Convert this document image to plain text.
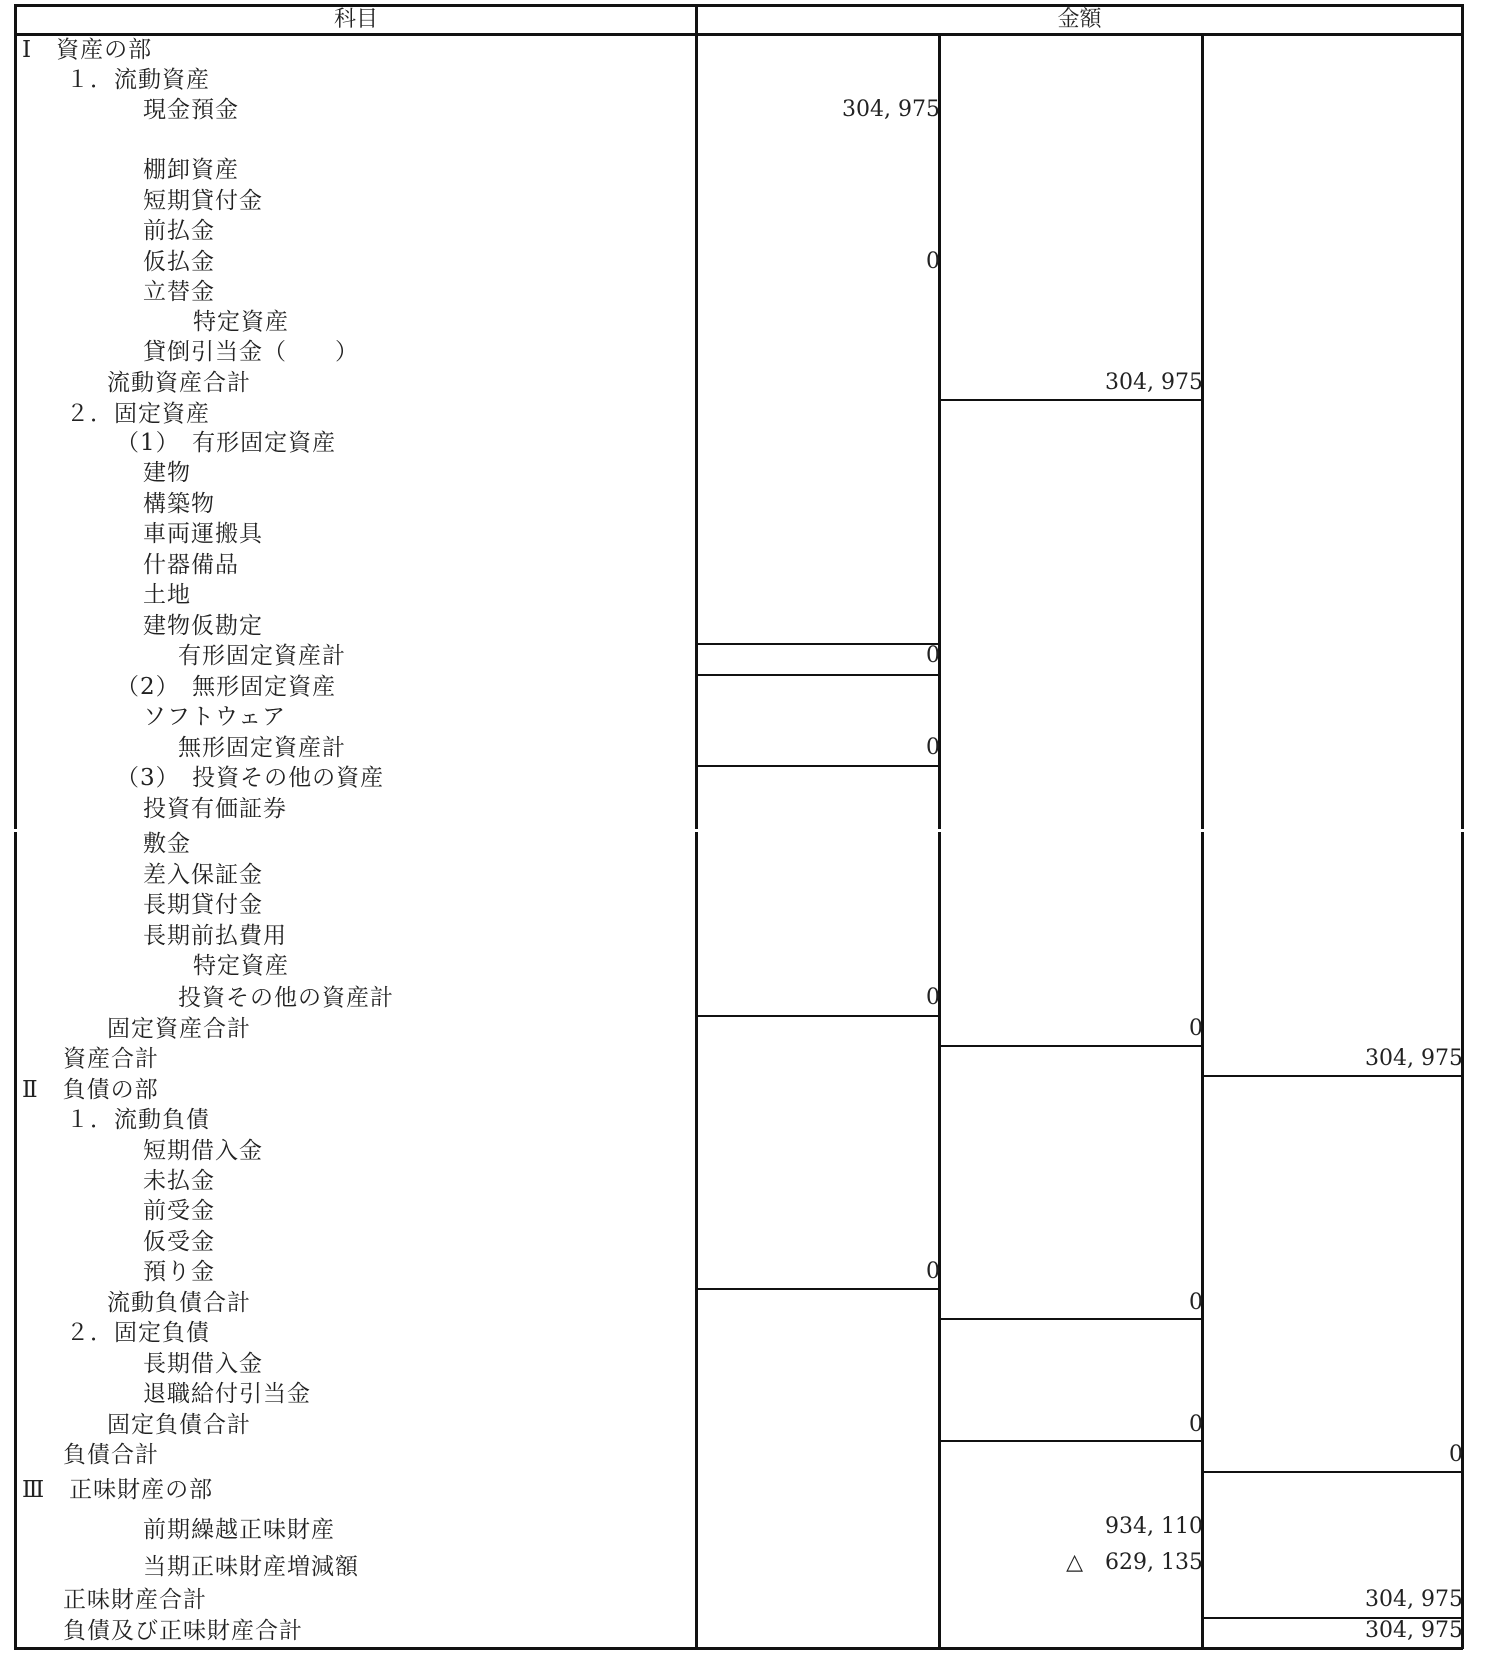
科目	金額
Ⅰ　資産の部
１．流動資産
現金預金	304, 975
棚卸資産
短期貸付金
前払金
仮払金	0
立替金
特定資産
貸倒引当金（　　）
流動資産合計	304, 975
２．固定資産
（1）　有形固定資産
建物
構築物
車両運搬具
什器備品
土地
建物仮勘定
有形固定資産計	0
（2）　無形固定資産
ソフトウェア
無形固定資産計	0
（3）　投資その他の資産
投資有価証券
敷金
差入保証金
長期貸付金
長期前払費用
特定資産
投資その他の資産計	0
固定資産合計	0
資産合計	304, 975
Ⅱ　負債の部
１．流動負債
短期借入金
未払金
前受金
仮受金
預り金	0
流動負債合計	0
２．固定負債
長期借入金
退職給付引当金
固定負債合計	0
負債合計	0
Ⅲ　正味財産の部
前期繰越正味財産	934, 110
当期正味財産増減額	△　629, 135
正味財産合計	304, 975
負債及び正味財産合計	304, 975
